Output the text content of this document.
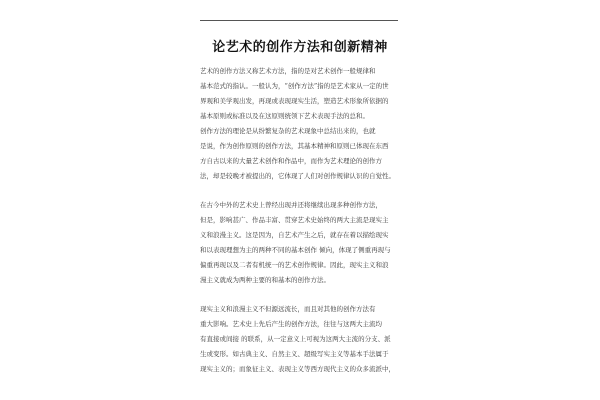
论艺术的创作方法和创新精神
艺术的创作方法又称艺术方法，指的是对艺术创作一般规律和
基本范式的指认。一般认为，“创作方法”指的是艺术家从一定的世
界观和美学观出发，再现或表现现实生活，塑造艺术形象所依据的
基本原则或标准以及在这原则统领下艺术表现手法的总和。
创作方法的理论是从纷繁复杂的艺术现象中总结出来的，也就
是说，作为创作原则的创作方法，其基本精神和原则已体现在东西
方自古以来的大量艺术创作和作品中，而作为艺术理论的创作方
法，却是较晚才被提出的，它体现了人们对创作规律认识的自觉性。
在古今中外的艺术史上曾经出现并还将继续出现多种创作方法，
但是，影响甚广、作品丰富、贯穿艺术史始终的两大主流是现实主
义和浪漫主义。这是因为，自艺术产生之后，就存在着以描绘现实
和以表现理想为主的两种不同的基本创作 倾向，体现了侧重再现与
偏重再现以及二者有机统一的艺术创作规律。因此，现实主义和浪
漫主义就成为两种主要的和基本的创作方法。
现实主义和浪漫主义不但源远流长，而且对其他的创作方法有
重大影响。艺术史上先后产生的创作方法，往往与这两大主流均
有直接或间接 的联系，从一定意义上可视为这两大主流的分支、派
生或变形。如古典主义、自然主义、超级写实主义等基本手法属于
现实主义的；而象征主义、表现主义等西方现代主义的众多流派中，
